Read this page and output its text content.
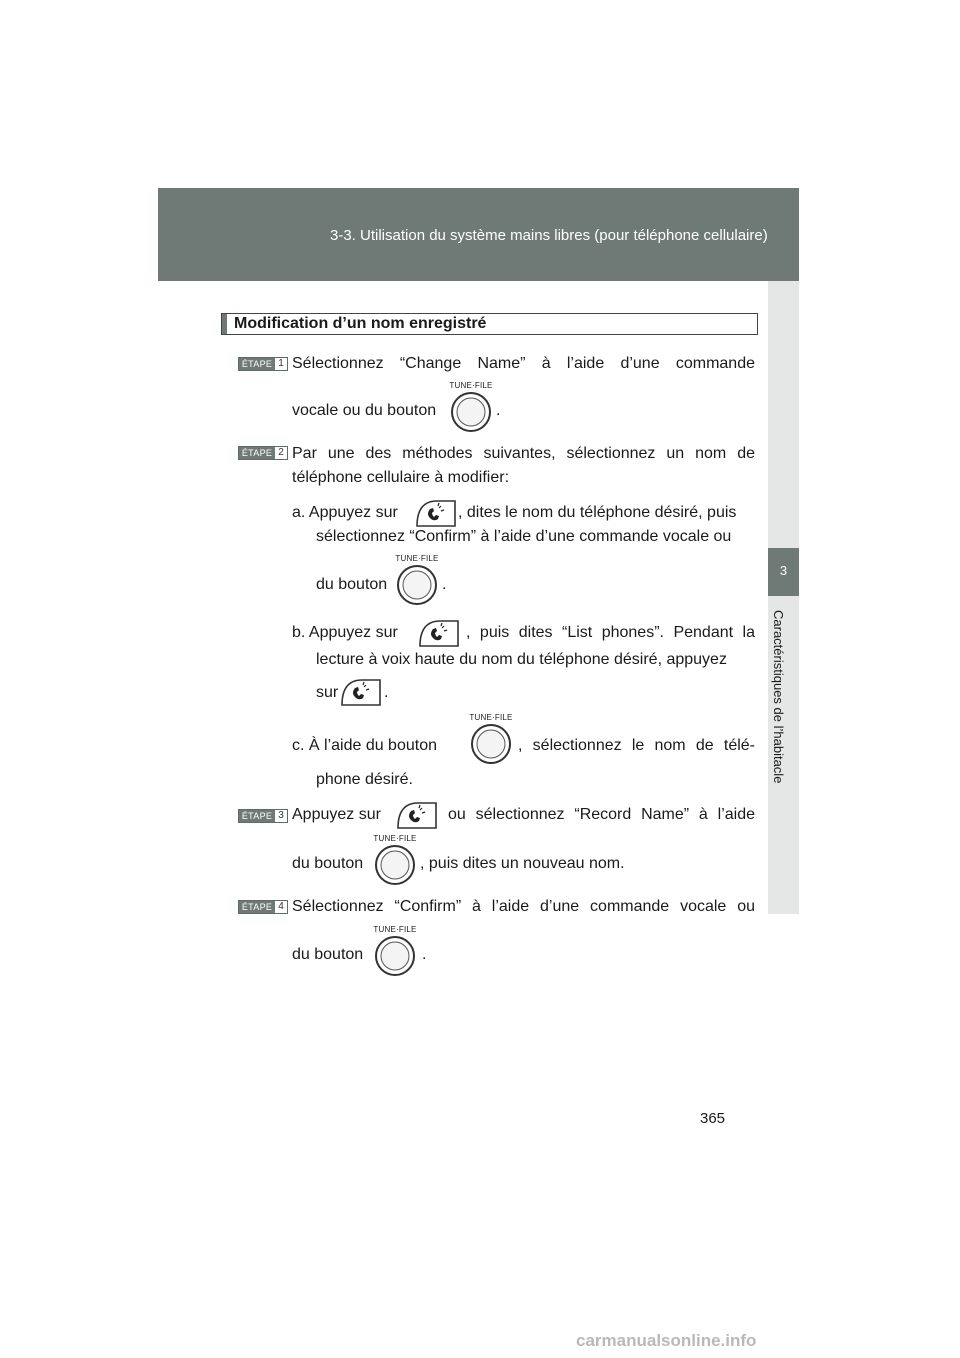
3-3. Utilisation du système mains libres (pour téléphone cellulaire)
3
Caractéristiques de l’habitacle
Modification d’un nom enregistré
ÉTAPE 1 Sélectionnez “Change Name” à l’aide d’une commande
vocale ou du bouton
TUNE·FILE
.
ÉTAPE 2 Par une des méthodes suivantes, sélectionnez un nom de
téléphone cellulaire à modifier:
a. Appuyez sur	, dites le nom du téléphone désiré, puis
sélectionnez “Confirm” à l’aide d’une commande vocale ou
du bouton
TUNE·FILE
.
b. Appuyez sur	, puis dites “List phones”. Pendant la
lecture à voix haute du nom du téléphone désiré, appuyez
sur	.
c. À l’aide du bouton
TUNE·FILE
, sélectionnez le nom de télé-
phone désiré.
ÉTAPE 3 Appuyez sur	ou sélectionnez “Record Name” à l’aide
du bouton
TUNE·FILE
, puis dites un nouveau nom.
ÉTAPE 4 Sélectionnez “Confirm” à l’aide d’une commande vocale ou
du bouton
TUNE·FILE
.
365
carmanualsonline.info
